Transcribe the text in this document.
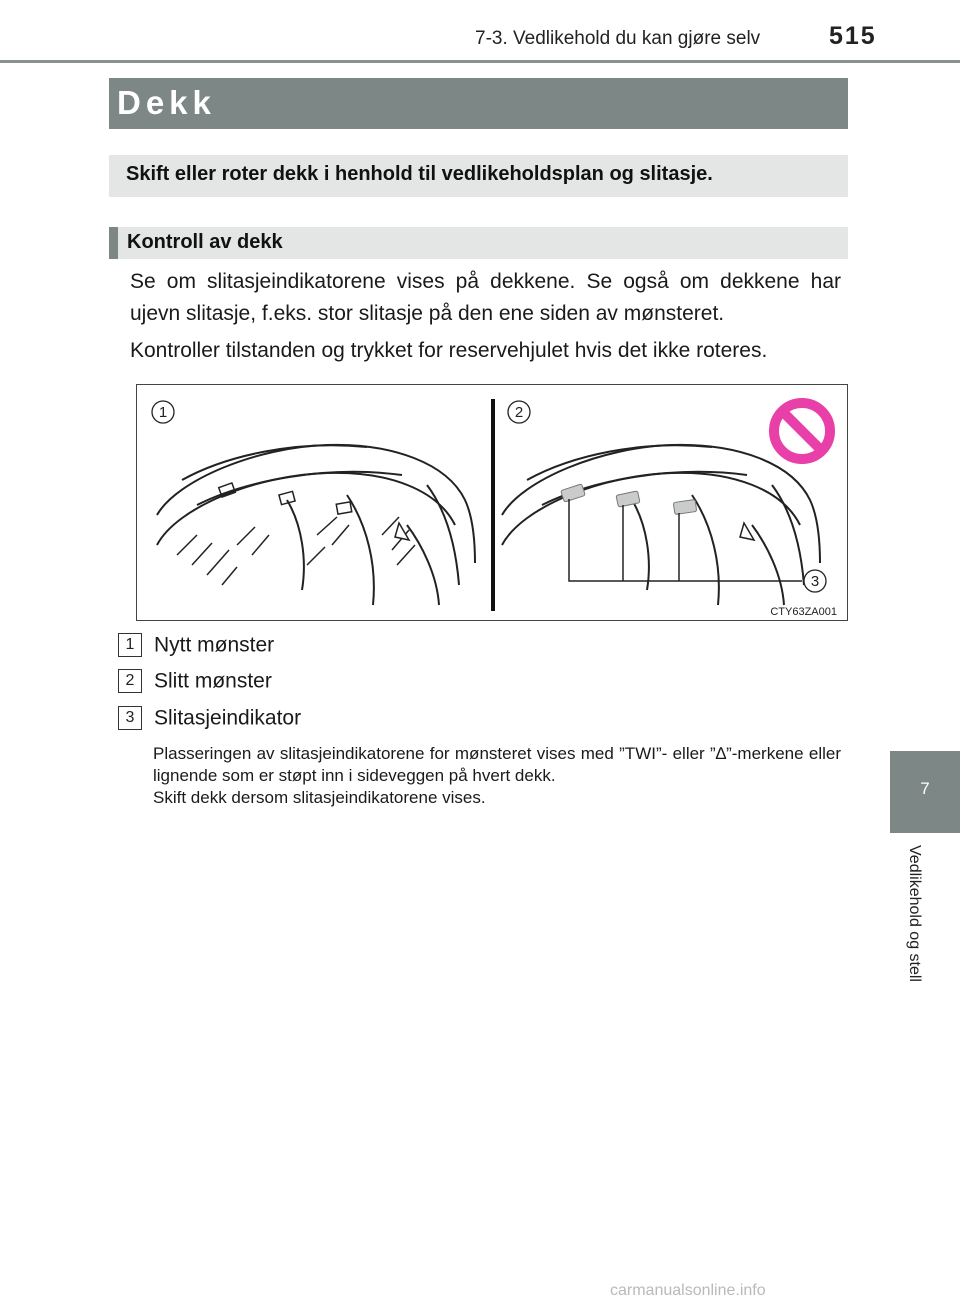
7-3. Vedlikehold du kan gjøre selv	515
Dekk
Skift eller roter dekk i henhold til vedlikeholdsplan og slitasje.
Kontroll av dekk
Se om slitasjeindikatorene vises på dekkene. Se også om dekkene har ujevn slitasje, f.eks. stor slitasje på den ene siden av mønsteret.
Kontroller tilstanden og trykket for reservehjulet hvis det ikke roteres.
1	2
3
CTY63ZA001
1 Nytt mønster
2 Slitt mønster
3 Slitasjeindikator
Plasseringen av slitasjeindikatorene for mønsteret vises med ”TWI”- eller ”∆”-merkene eller lignende som er støpt inn i sideveggen på hvert dekk.
Skift dekk dersom slitasjeindikatorene vises.	7
Vedlikehold og stell
carmanualsonline.info
